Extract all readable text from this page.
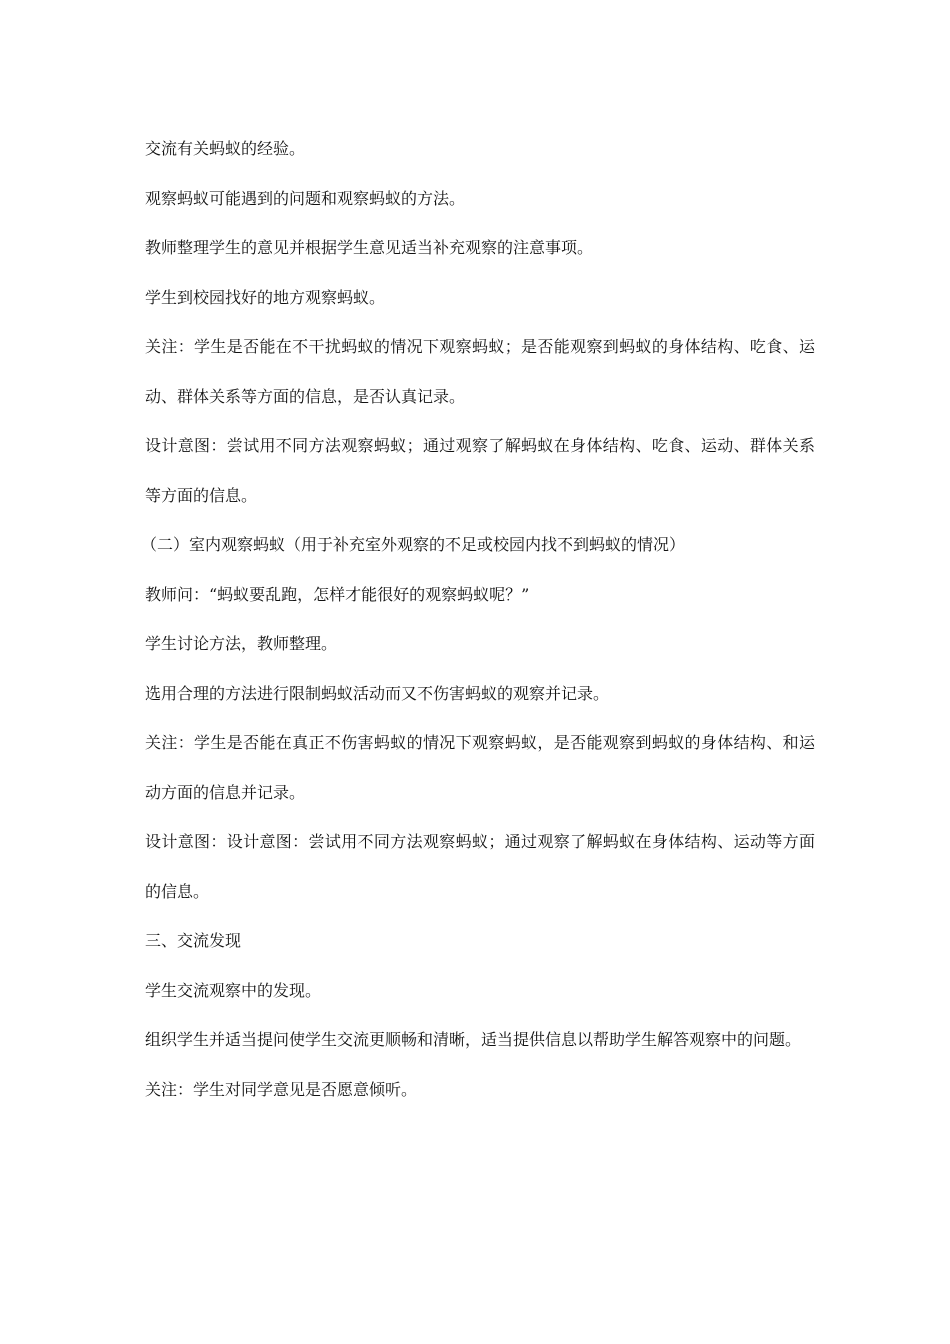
交流有关蚂蚁的经验。

观察蚂蚁可能遇到的问题和观察蚂蚁的方法。

教师整理学生的意见并根据学生意见适当补充观察的注意事项。

学生到校园找好的地方观察蚂蚁。

关注：学生是否能在不干扰蚂蚁的情况下观察蚂蚁；是否能观察到蚂蚁的身体结构、吃食、运动、群体关系等方面的信息，是否认真记录。

设计意图：尝试用不同方法观察蚂蚁；通过观察了解蚂蚁在身体结构、吃食、运动、群体关系等方面的信息。

（二）室内观察蚂蚁（用于补充室外观察的不足或校园内找不到蚂蚁的情况）

教师问：“蚂蚁要乱跑，怎样才能很好的观察蚂蚁呢？”

学生讨论方法，教师整理。

选用合理的方法进行限制蚂蚁活动而又不伤害蚂蚁的观察并记录。

关注：学生是否能在真正不伤害蚂蚁的情况下观察蚂蚁，是否能观察到蚂蚁的身体结构、和运动方面的信息并记录。

设计意图：设计意图：尝试用不同方法观察蚂蚁；通过观察了解蚂蚁在身体结构、运动等方面的信息。

三、交流发现

学生交流观察中的发现。

组织学生并适当提问使学生交流更顺畅和清晰，适当提供信息以帮助学生解答观察中的问题。

关注：学生对同学意见是否愿意倾听。
